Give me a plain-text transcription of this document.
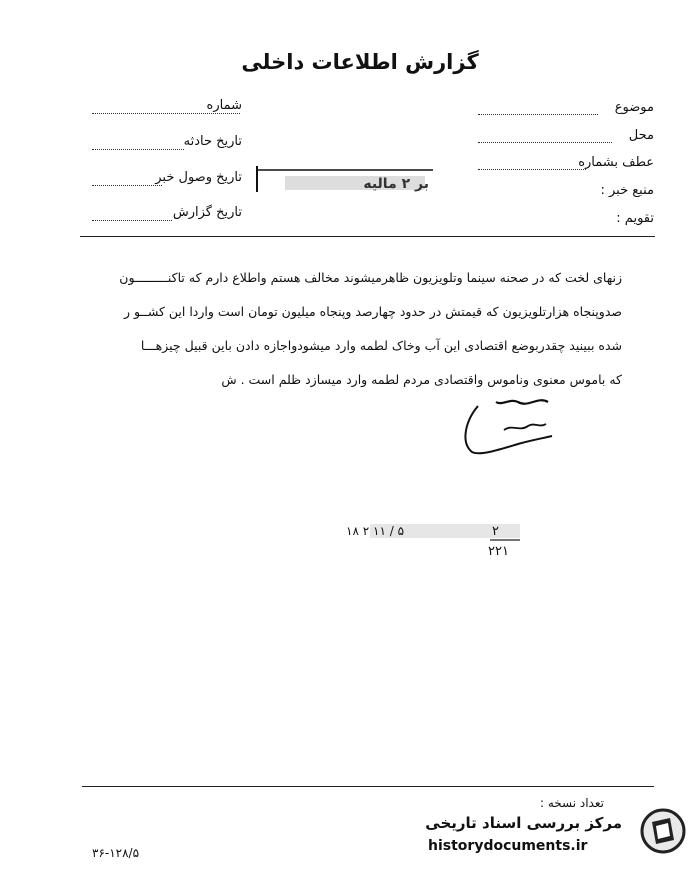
گزارش اطلاعات داخلی
شماره
تاریخ حادثه
تاریخ وصول خبر
تاریخ گزارش
موضوع
محل
عطف بشماره
منبع خبر :
تقویم :
بر ۲ مالیه
زنهای لخت که در صحنه سینما وتلویزیون ظاهرمیشوند مخالف هستم واطلاع دارم که تاکنـــــــــون
صدوپنجاه هزارتلویزیون که قیمتش در حدود چهارصد وپنجاه میلیون تومان است واردا این کشــو ر
شده ببینید چقدربوضع اقتصادی این آب وخاک لطمه وارد میشودواجازه دادن باین قبیل چیزهـــا
که باموس معنوی وناموس واقتصادی مردم لطمه وارد میسازد ظلم است . ش
۵ / ۱۱ ۲ ۱۸	۲
۲۲۱
تعداد نسخه :
۳۶-۱۲۸/۵
مرکز بررسی اسناد تاریخی
historydocuments.ir
